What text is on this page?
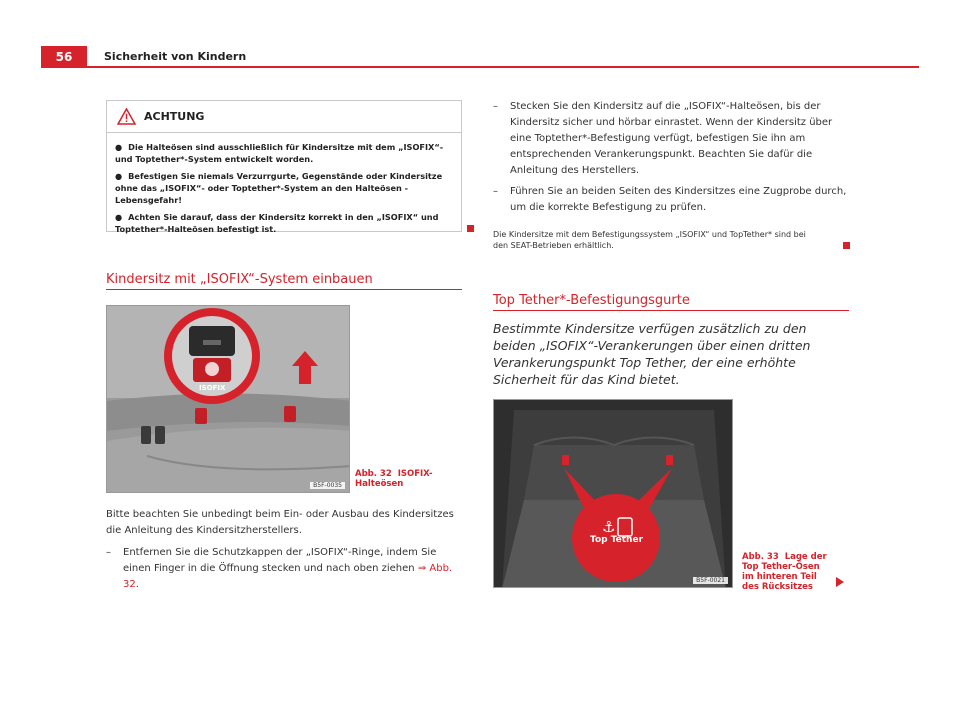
56	Sicherheit von Kindern
ACHTUNG
● Die Halteösen sind ausschließlich für Kindersitze mit dem „ISOFIX“- und Toptether*-System entwickelt worden.
● Befestigen Sie niemals Verzurrgurte, Gegenstände oder Kindersitze ohne das „ISOFIX“- oder Toptether*-System an den Halteösen - Lebensgefahr!
● Achten Sie darauf, dass der Kindersitz korrekt in den „ISOFIX“ und Toptether*-Halteösen befestigt ist.
Kindersitz mit „ISOFIX“-System einbauen
ISOFIX
B5F-0035
Abb. 32 ISOFIX-Halteösen
Bitte beachten Sie unbedingt beim Ein- oder Ausbau des Kindersitzes die Anleitung des Kindersitzherstellers.
–	Entfernen Sie die Schutzkappen der „ISOFIX“-Ringe, indem Sie einen Finger in die Öffnung stecken und nach oben ziehen ⇒ Abb. 32.
–	Stecken Sie den Kindersitz auf die „ISOFIX“-Halteösen, bis der Kindersitz sicher und hörbar einrastet. Wenn der Kindersitz über eine Toptether*-Befestigung verfügt, befestigen Sie ihn am entsprechenden Verankerungspunkt. Beachten Sie dafür die Anleitung des Herstellers.
–	Führen Sie an beiden Seiten des Kindersitzes eine Zugprobe durch, um die korrekte Befestigung zu prüfen.
Die Kindersitze mit dem Befestigungssystem „ISOFIX“ und TopTether* sind bei den SEAT-Betrieben erhältlich.
Top Tether*-Befestigungsgurte
Bestimmte Kindersitze verfügen zusätzlich zu den beiden „ISOFIX“-Verankerungen über einen dritten Verankerungspunkt Top Tether, der eine erhöhte Sicherheit für das Kind bietet.
⚓
Top Tether
B5F-0021
Abb. 33 Lage der Top Tether-Ösen im hinteren Teil des Rücksitzes
